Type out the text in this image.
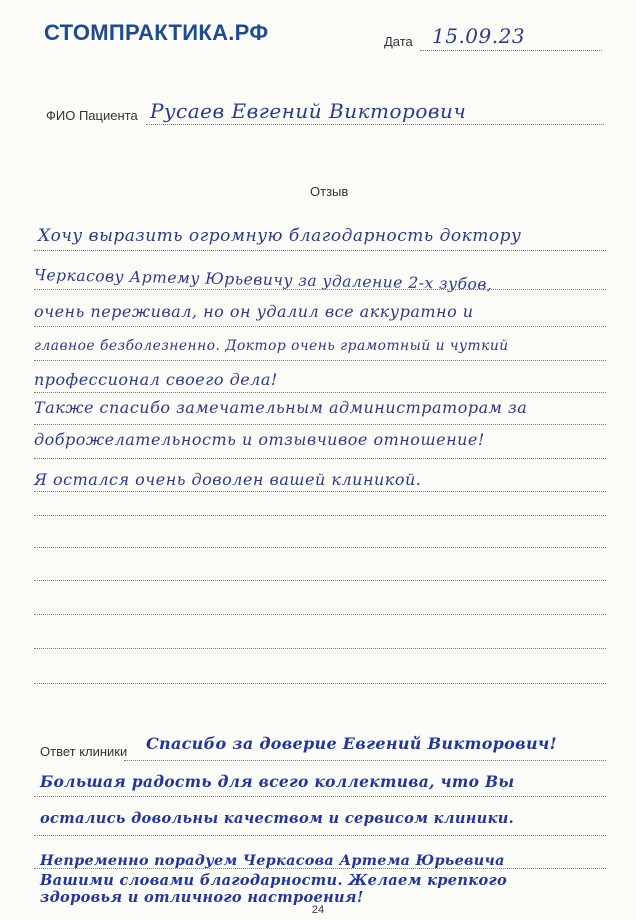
СТОМПРАКТИКА.РФ	Дата 15.09.23
ФИО Пациента Русаев Евгений Викторович
Отзыв
Хочу выразить огромную благодарность доктору
Черкасову Артему Юрьевичу за удаление 2-х зубов,
очень переживал, но он удалил все аккуратно и
главное безболезненно. Доктор очень грамотный и чуткий
профессионал своего дела!
Также спасибо замечательным администраторам за
доброжелательность и отзывчивое отношение!
Я остался очень доволен вашей клиникой.
Ответ клиники Спасибо за доверие Евгений Викторович!
Большая радость для всего коллектива, что Вы
остались довольны качеством и сервисом клиники.
Непременно порадуем Черкасова Артема Юрьевича
Вашими словами благодарности. Желаем крепкого
здоровья и отличного настроения!
24
